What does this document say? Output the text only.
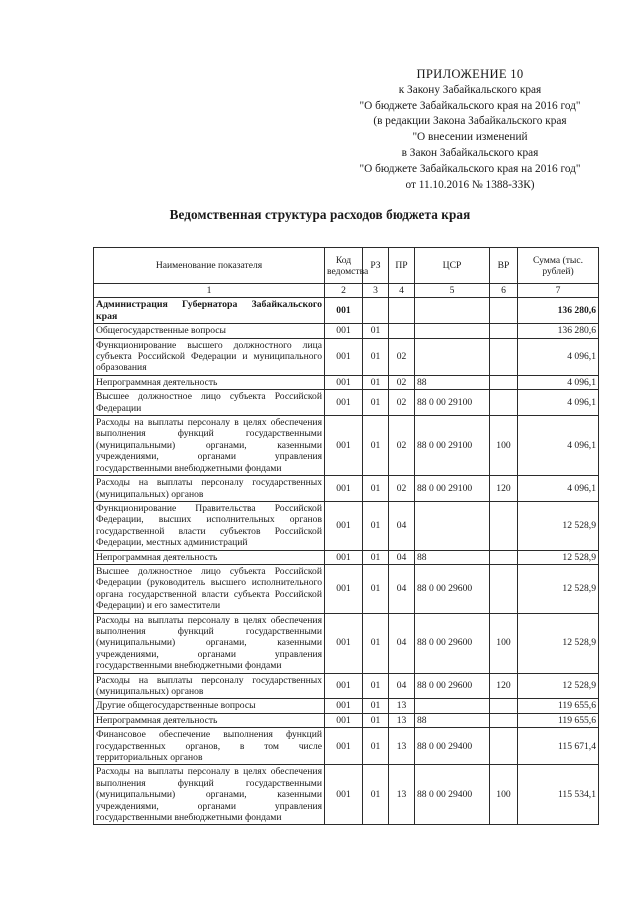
ПРИЛОЖЕНИЕ 10
к Закону Забайкальского края
"О бюджете Забайкальского края на 2016 год"
(в редакции Закона Забайкальского края
"О внесении изменений
в Закон Забайкальского края
"О бюджете Забайкальского края на 2016 год"
от 11.10.2016 № 1388-ЗЗК)
Ведомственная структура расходов бюджета края
Наименование показателя	Код ведомства	РЗ	ПР	ЦСР	ВР	Сумма (тыс. рублей)
1	2	3	4	5	6	7
Администрация Губернатора Забайкальского края	001					136 280,6
Общегосударственные вопросы	001	01				136 280,6
Функционирование высшего должностного лица субъекта Российской Федерации и муниципального образования	001	01	02			4 096,1
Непрограммная деятельность	001	01	02	88		4 096,1
Высшее должностное лицо субъекта Российской Федерации	001	01	02	88 0 00 29100		4 096,1
Расходы на выплаты персоналу в целях обеспечения выполнения функций государственными (муниципальными) органами, казенными учреждениями, органами управления государственными внебюджетными фондами	001	01	02	88 0 00 29100	100	4 096,1
Расходы на выплаты персоналу государственных (муниципальных) органов	001	01	02	88 0 00 29100	120	4 096,1
Функционирование Правительства Российской Федерации, высших исполнительных органов государственной власти субъектов Российской Федерации, местных администраций	001	01	04			12 528,9
Непрограммная деятельность	001	01	04	88		12 528,9
Высшее должностное лицо субъекта Российской Федерации (руководитель высшего исполнительного органа государственной власти субъекта Российской Федерации) и его заместители	001	01	04	88 0 00 29600		12 528,9
Расходы на выплаты персоналу в целях обеспечения выполнения функций государственными (муниципальными) органами, казенными учреждениями, органами управления государственными внебюджетными фондами	001	01	04	88 0 00 29600	100	12 528,9
Расходы на выплаты персоналу государственных (муниципальных) органов	001	01	04	88 0 00 29600	120	12 528,9
Другие общегосударственные вопросы	001	01	13			119 655,6
Непрограммная деятельность	001	01	13	88		119 655,6
Финансовое обеспечение выполнения функций государственных органов, в том числе территориальных органов	001	01	13	88 0 00 29400		115 671,4
Расходы на выплаты персоналу в целях обеспечения выполнения функций государственными (муниципальными) органами, казенными учреждениями, органами управления государственными внебюджетными фондами	001	01	13	88 0 00 29400	100	115 534,1
